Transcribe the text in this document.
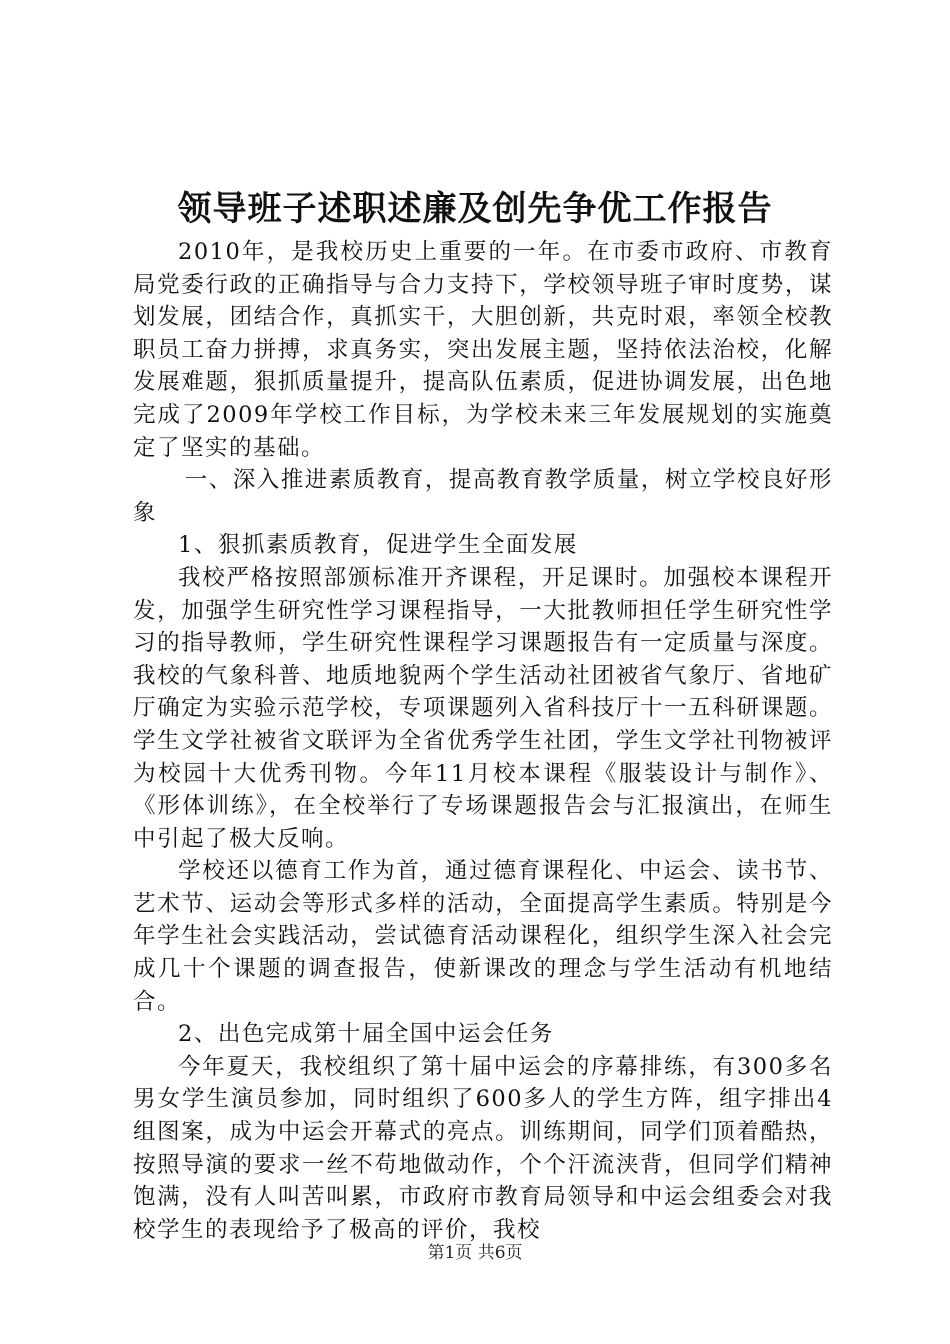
领导班子述职述廉及创先争优工作报告

2010年，是我校历史上重要的一年。在市委市政府、市教育局党委行政的正确指导与合力支持下，学校领导班子审时度势，谋划发展，团结合作，真抓实干，大胆创新，共克时艰，率领全校教职员工奋力拼搏，求真务实，突出发展主题，坚持依法治校，化解发展难题，狠抓质量提升，提高队伍素质，促进协调发展，出色地完成了2009年学校工作目标，为学校未来三年发展规划的实施奠定了坚实的基础。

一、深入推进素质教育，提高教育教学质量，树立学校良好形象

1、狠抓素质教育，促进学生全面发展

我校严格按照部颁标准开齐课程，开足课时。加强校本课程开发，加强学生研究性学习课程指导，一大批教师担任学生研究性学习的指导教师，学生研究性课程学习课题报告有一定质量与深度。我校的气象科普、地质地貌两个学生活动社团被省气象厅、省地矿厅确定为实验示范学校，专项课题列入省科技厅十一五科研课题。学生文学社被省文联评为全省优秀学生社团，学生文学社刊物被评为校园十大优秀刊物。今年11月校本课程《服装设计与制作》、《形体训练》，在全校举行了专场课题报告会与汇报演出，在师生中引起了极大反响。

学校还以德育工作为首，通过德育课程化、中运会、读书节、艺术节、运动会等形式多样的活动，全面提高学生素质。特别是今年学生社会实践活动，尝试德育活动课程化，组织学生深入社会完成几十个课题的调查报告，使新课改的理念与学生活动有机地结合。

2、出色完成第十届全国中运会任务

今年夏天，我校组织了第十届中运会的序幕排练，有300多名男女学生演员参加，同时组织了600多人的学生方阵，组字排出4组图案，成为中运会开幕式的亮点。训练期间，同学们顶着酷热，按照导演的要求一丝不苟地做动作，个个汗流浃背，但同学们精神饱满，没有人叫苦叫累，市政府市教育局领导和中运会组委会对我校学生的表现给予了极高的评价，我校

第1页 共6页
